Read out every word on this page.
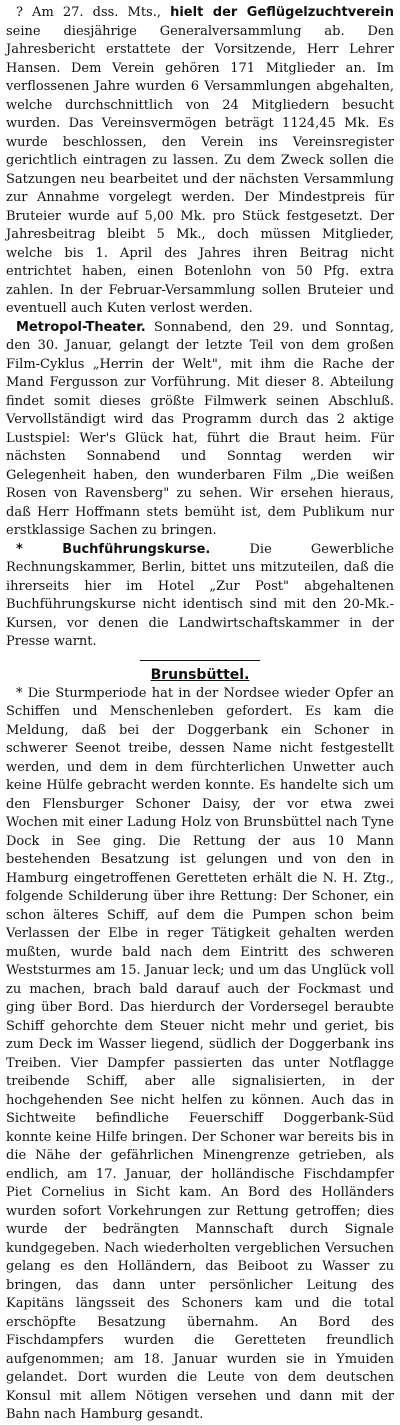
? Am 27. dss. Mts., hielt der Geflügelzuchtverein seine diesjährige Generalversammlung ab. Den Jahresbericht erstattete der Vorsitzende, Herr Lehrer Hansen. Dem Verein gehören 171 Mitglieder an. Im verflossenen Jahre wurden 6 Versammlungen abgehalten, welche durchschnittlich von 24 Mitgliedern besucht wurden. Das Vereinsvermögen beträgt 1124,45 Mk. Es wurde beschlossen, den Verein ins Vereinsregister gerichtlich eintragen zu lassen. Zu dem Zweck sollen die Satzungen neu bearbeitet und der nächsten Versammlung zur Annahme vorgelegt werden. Der Mindestpreis für Bruteier wurde auf 5,00 Mk. pro Stück festgesetzt. Der Jahresbeitrag bleibt 5 Mk., doch müssen Mitglieder, welche bis 1. April des Jahres ihren Beitrag nicht entrichtet haben, einen Botenlohn von 50 Pfg. extra zahlen. In der Februar-Versammlung sollen Bruteier und eventuell auch Kuten verlost werden.

Metropol-Theater. Sonnabend, den 29. und Sonntag, den 30. Januar, gelangt der letzte Teil von dem großen Film-Cyklus „Herrin der Welt", mit ihm die Rache der Mand Fergusson zur Vorführung. Mit dieser 8. Abteilung findet somit dieses größte Filmwerk seinen Abschluß. Vervollständigt wird das Programm durch das 2 aktige Lustspiel: Wer's Glück hat, führt die Braut heim. Für nächsten Sonnabend und Sonntag werden wir Gelegenheit haben, den wunderbaren Film „Die weißen Rosen von Ravensberg" zu sehen. Wir ersehen hieraus, daß Herr Hoffmann stets bemüht ist, dem Publikum nur erstklassige Sachen zu bringen.

* Buchführungskurse.	Die Gewerbliche Rechnungskammer, Berlin, bittet uns mitzuteilen, daß die ihrerseits hier im Hotel „Zur Post" abgehaltenen Buchführungskurse nicht identisch sind mit den 20-Mk.-Kursen, vor denen die Landwirtschaftskammer in der Presse warnt.

Brunsbüttel.

* Die Sturmperiode hat in der Nordsee wieder Opfer an Schiffen und Menschenleben gefordert. Es kam die Meldung, daß bei der Doggerbank ein Schoner in schwerer Seenot treibe, dessen Name nicht festgestellt werden, und dem in dem fürchterlichen Unwetter auch keine Hülfe gebracht werden konnte. Es handelte sich um den Flensburger Schoner Daisy, der vor etwa zwei Wochen mit einer Ladung Holz von Brunsbüttel nach Tyne Dock in See ging. Die Rettung der aus 10 Mann bestehenden Besatzung ist gelungen und von den in Hamburg eingetroffenen Geretteten erhält die N. H. Ztg., folgende Schilderung über ihre Rettung: Der Schoner, ein schon älteres Schiff, auf dem die Pumpen schon beim Verlassen der Elbe in reger Tätigkeit gehalten werden mußten, wurde bald nach dem Eintritt des schweren Weststurmes am 15. Januar leck; und um das Unglück voll zu machen, brach bald darauf auch der Fockmast und ging über Bord. Das hierdurch der Vordersegel beraubte Schiff gehorchte dem Steuer nicht mehr und geriet, bis zum Deck im Wasser liegend, südlich der Doggerbank ins Treiben. Vier Dampfer passierten das unter Notflagge treibende Schiff, aber alle signalisierten, in der hochgehenden See nicht helfen zu können. Auch das in Sichtweite befindliche Feuerschiff Doggerbank-Süd konnte keine Hilfe bringen. Der Schoner war bereits bis in die Nähe der gefährlichen Minengrenze getrieben, als endlich, am 17. Januar, der holländische Fischdampfer Piet Cornelius in Sicht kam. An Bord des Holländers wurden sofort Vorkehrungen zur Rettung getroffen; dies wurde der bedrängten Mannschaft durch Signale kundgegeben. Nach wiederholten vergeblichen Versuchen gelang es den Holländern, das Beiboot zu Wasser zu bringen, das dann unter persönlicher Leitung des Kapitäns längsseit des Schoners kam und die total erschöpfte Besatzung übernahm. An Bord des Fischdampfers wurden die Geretteten freundlich aufgenommen; am 18. Januar wurden sie in Ymuiden gelandet. Dort wurden die Leute von dem deutschen Konsul mit allem Nötigen versehen und dann mit der Bahn nach Hamburg gesandt.
